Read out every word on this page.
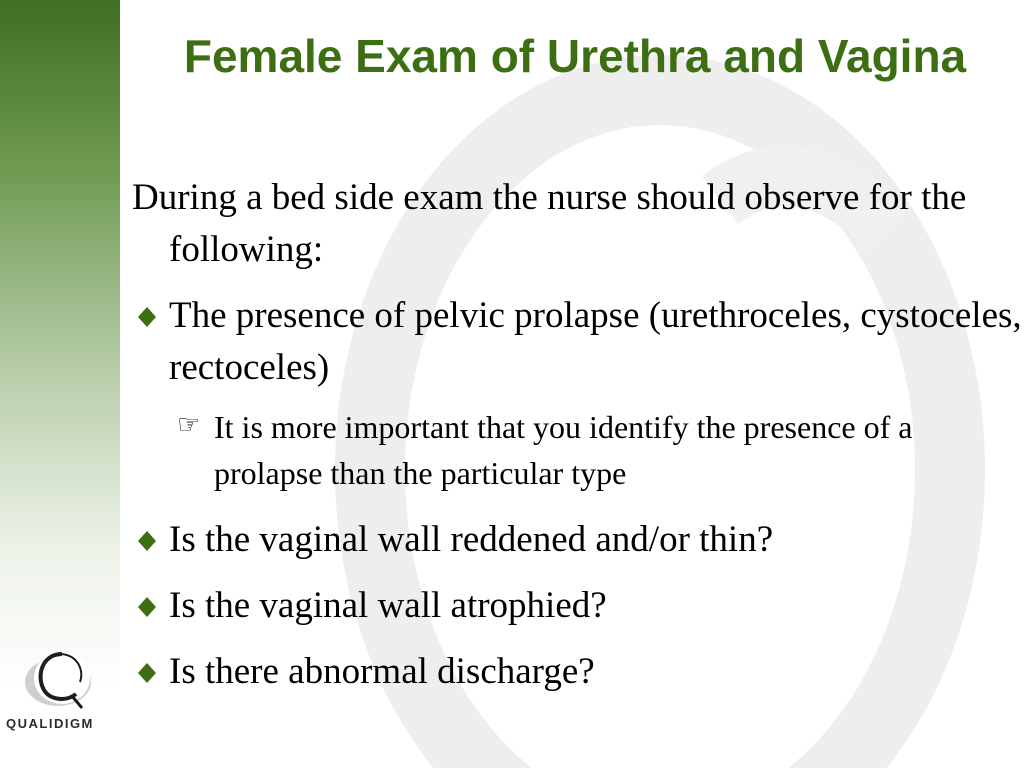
Female Exam of Urethra and Vagina
During a bed side exam the nurse should observe for the following:
The presence of pelvic prolapse (urethroceles, cystoceles, rectoceles)
☞ It is more important that you identify the presence of a prolapse than the particular type
Is the vaginal wall reddened and/or thin?
Is the vaginal wall atrophied?
Is there abnormal discharge?
QUALIDIGM
